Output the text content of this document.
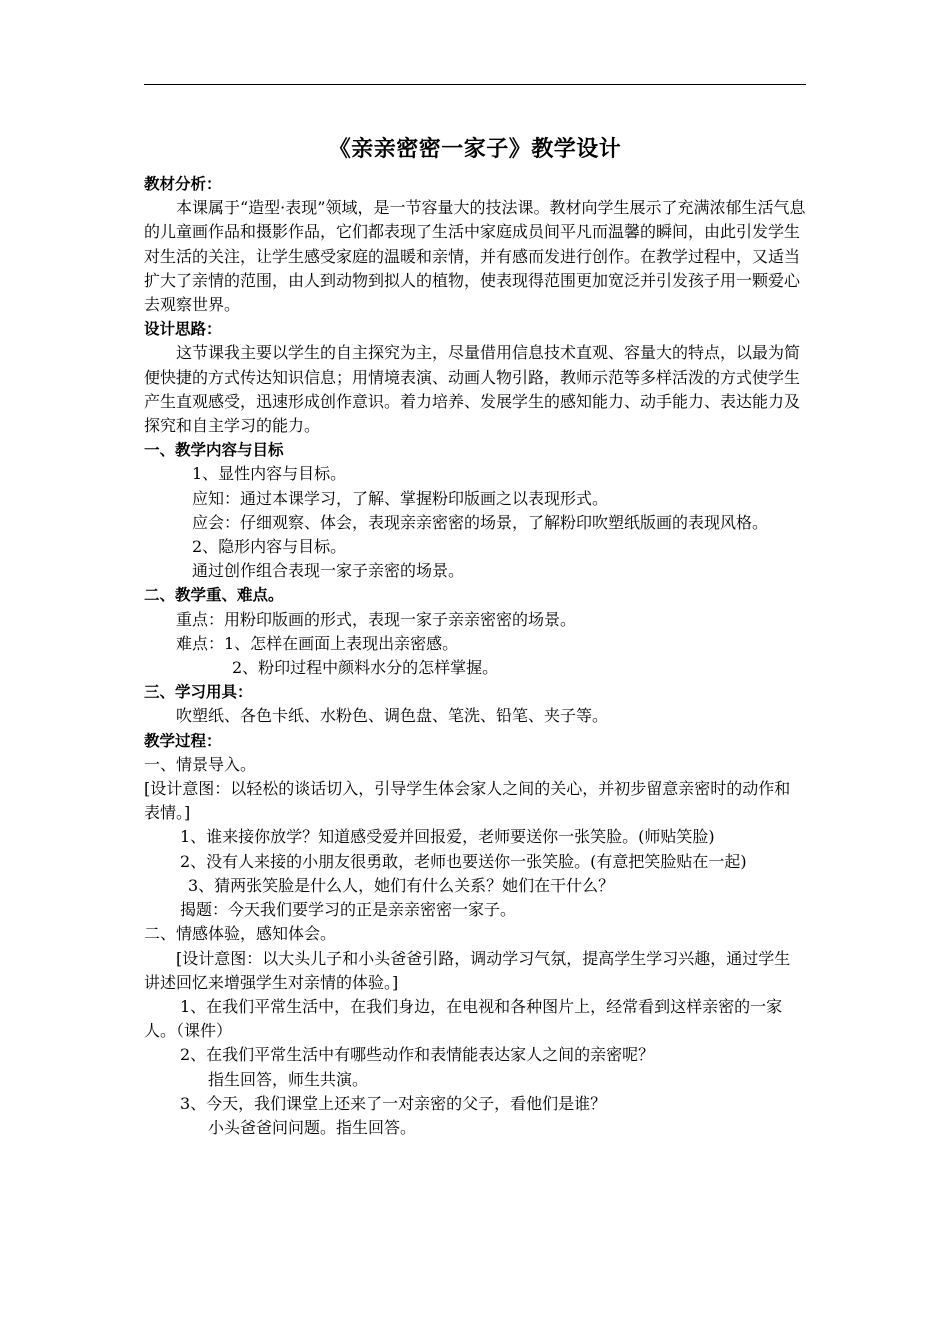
《亲亲密密一家子》教学设计
教材分析：

本课属于“造型·表现”领域，是一节容量大的技法课。教材向学生展示了充满浓郁生活气息的儿童画作品和摄影作品，它们都表现了生活中家庭成员间平凡而温馨的瞬间，由此引发学生对生活的关注，让学生感受家庭的温暖和亲情，并有感而发进行创作。在教学过程中，又适当扩大了亲情的范围，由人到动物到拟人的植物，使表现得范围更加宽泛并引发孩子用一颗爱心去观察世界。

设计思路：

这节课我主要以学生的自主探究为主，尽量借用信息技术直观、容量大的特点，以最为简便快捷的方式传达知识信息；用情境表演、动画人物引路，教师示范等多样活泼的方式使学生产生直观感受，迅速形成创作意识。着力培养、发展学生的感知能力、动手能力、表达能力及探究和自主学习的能力。

一、教学内容与目标

1、显性内容与目标。

应知：通过本课学习，了解、掌握粉印版画之以表现形式。

应会：仔细观察、体会，表现亲亲密密的场景，了解粉印吹塑纸版画的表现风格。

2、隐形内容与目标。

通过创作组合表现一家子亲密的场景。

二、教学重、难点。

重点：用粉印版画的形式，表现一家子亲亲密密的场景。

难点：1、怎样在画面上表现出亲密感。

2、粉印过程中颜料水分的怎样掌握。

三、学习用具：

吹塑纸、各色卡纸、水粉色、调色盘、笔洗、铅笔、夹子等。

教学过程：

一、情景导入。

[设计意图：以轻松的谈话切入，引导学生体会家人之间的关心，并初步留意亲密时的动作和表情。]

1、谁来接你放学？知道感受爱并回报爱，老师要送你一张笑脸。(师贴笑脸)

2、没有人来接的小朋友很勇敢，老师也要送你一张笑脸。(有意把笑脸贴在一起)

3、猜两张笑脸是什么人，她们有什么关系？她们在干什么？

揭题：今天我们要学习的正是亲亲密密一家子。

二、情感体验，感知体会。

[设计意图：以大头儿子和小头爸爸引路，调动学习气氛，提高学生学习兴趣，通过学生讲述回忆来增强学生对亲情的体验。]

1、在我们平常生活中，在我们身边，在电视和各种图片上，经常看到这样亲密的一家人。（课件）

2、在我们平常生活中有哪些动作和表情能表达家人之间的亲密呢？

指生回答，师生共演。

3、今天，我们课堂上还来了一对亲密的父子，看他们是谁？

小头爸爸问问题。指生回答。
